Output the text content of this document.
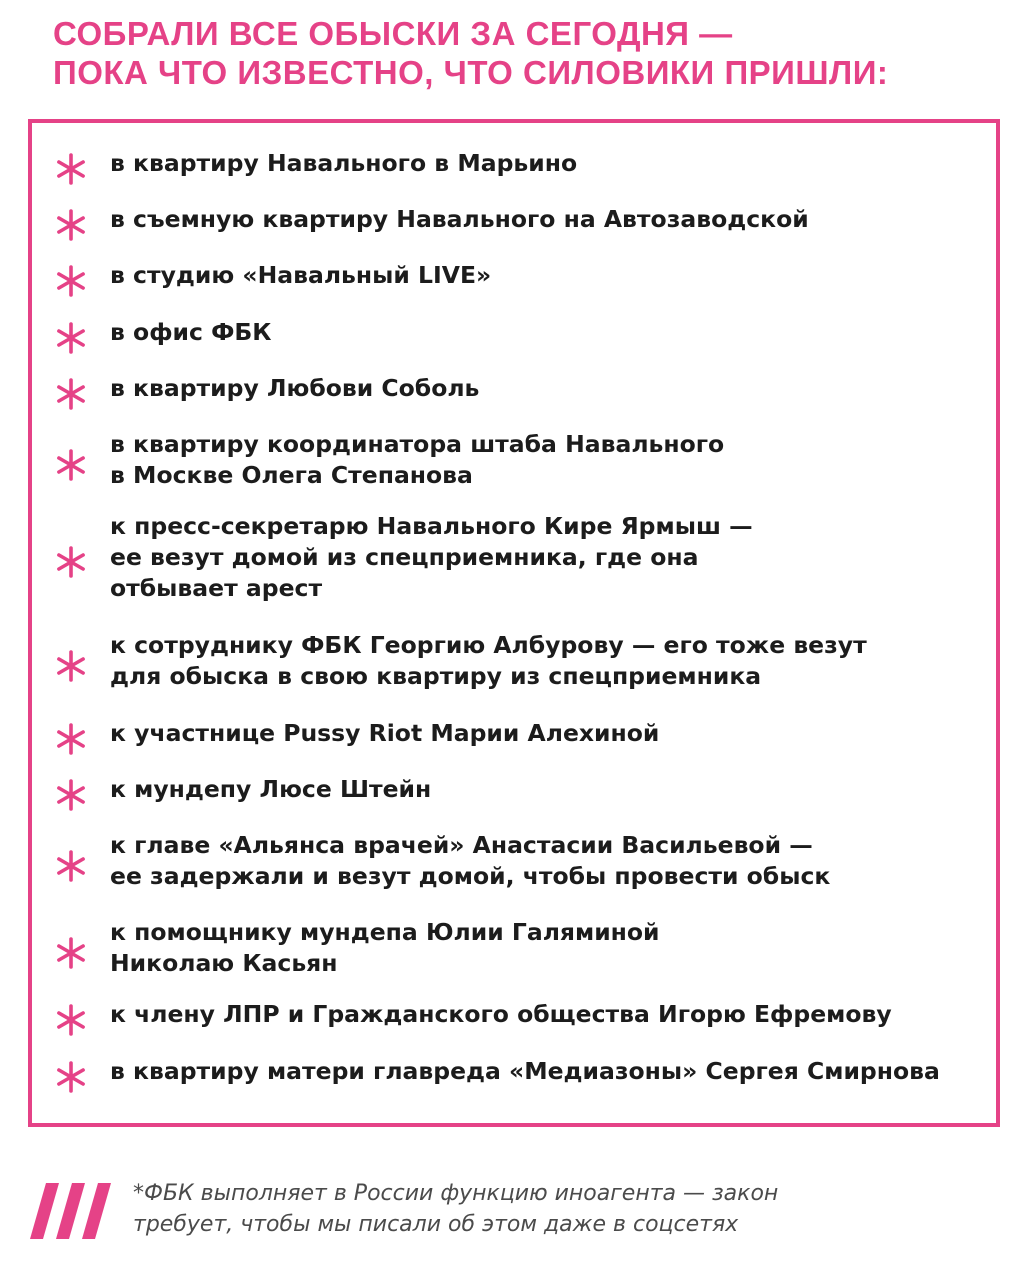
СОБРАЛИ ВСЕ ОБЫСКИ ЗА СЕГОДНЯ —
ПОКА ЧТО ИЗВЕСТНО, ЧТО СИЛОВИКИ ПРИШЛИ:

в квартиру Навального в Марьино

в съемную квартиру Навального на Автозаводской

в студию «Навальный LIVE»

в офис ФБК

в квартиру Любови Соболь

в квартиру координатора штаба Навального
в Москве Олега Степанова

к пресс-секретарю Навального Кире Ярмыш —
ее везут домой из спецприемника, где она
отбывает арест

к сотруднику ФБК Георгию Албурову — его тоже везут
для обыска в свою квартиру из спецприемника

к участнице Pussy Riot Марии Алехиной

к мундепу Люсе Штейн

к главе «Альянса врачей» Анастасии Васильевой —
ее задержали и везут домой, чтобы провести обыск

к помощнику мундепа Юлии Галяминой
Николаю Касьян

к члену ЛПР и Гражданского общества Игорю Ефремову

в квартиру матери главреда «Медиазоны» Сергея Смирнова

*ФБК выполняет в России функцию иноагента — закон
требует, чтобы мы писали об этом даже в соцсетях
